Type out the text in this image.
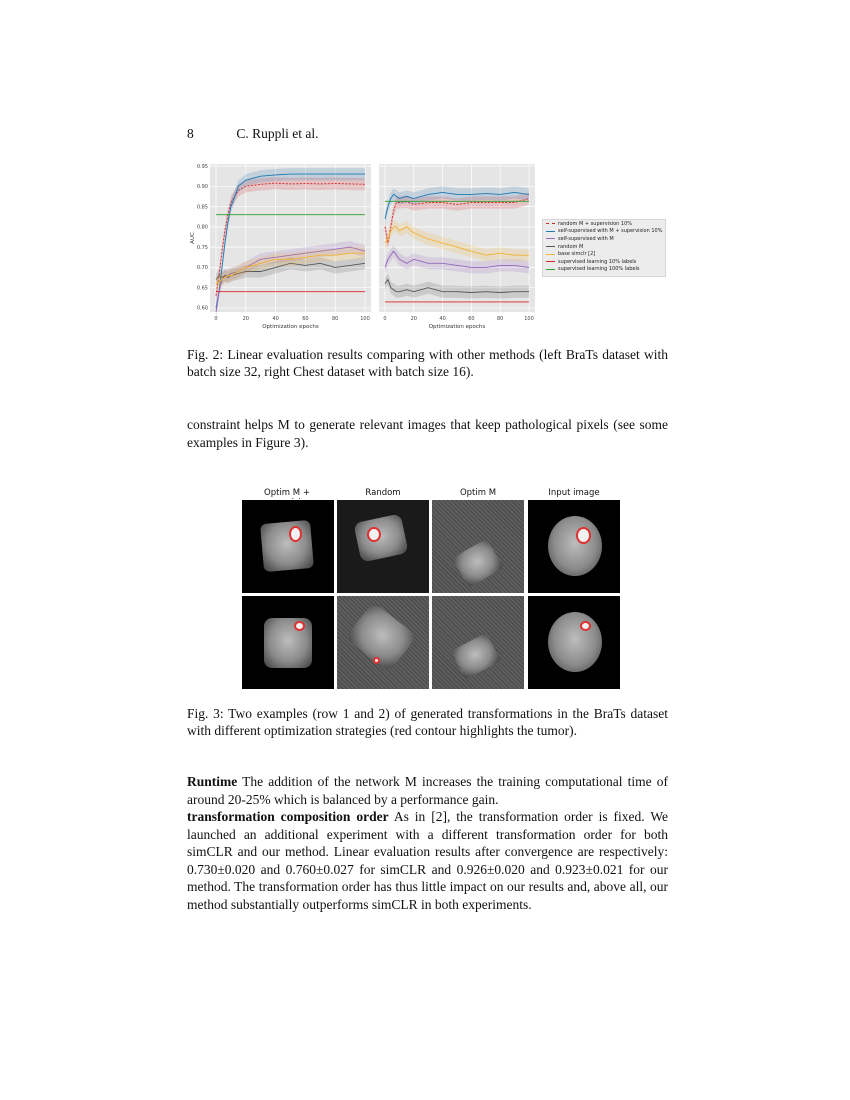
8	C. Ruppli et al.
0	20	40	60	80	100
0.60
0.65
0.70
0.75
0.80
0.85
0.90
0.95
Optimization epochs
AUC
0	20	40	60	80	100
Optimization epochs
random M + supervision 10%
self-supervised with M + supervision 10%
self-supervised with M
random M
base simclr [2]
supervised learning 10% labels
supervised learning 100% labels
Fig. 2: Linear evaluation results comparing with other methods (left BraTs dataset with batch size 32, right Chest dataset with batch size 16).
constraint helps M to generate relevant images that keep pathological pixels (see some examples in Figure 3).
Optim M +	Random	Optim M	Input image
Fig. 3: Two examples (row 1 and 2) of generated transformations in the BraTs dataset with different optimization strategies (red contour highlights the tumor).
Runtime The addition of the network M increases the training computational time of around 20-25% which is balanced by a performance gain.
transformation composition order As in [2], the transformation order is fixed. We launched an additional experiment with a different transformation order for both simCLR and our method. Linear evaluation results after convergence are respectively: 0.730±0.020 and 0.760±0.027 for simCLR and 0.926±0.020 and 0.923±0.021 for our method. The transformation order has thus little impact on our results and, above all, our method substantially outperforms simCLR in both experiments.
